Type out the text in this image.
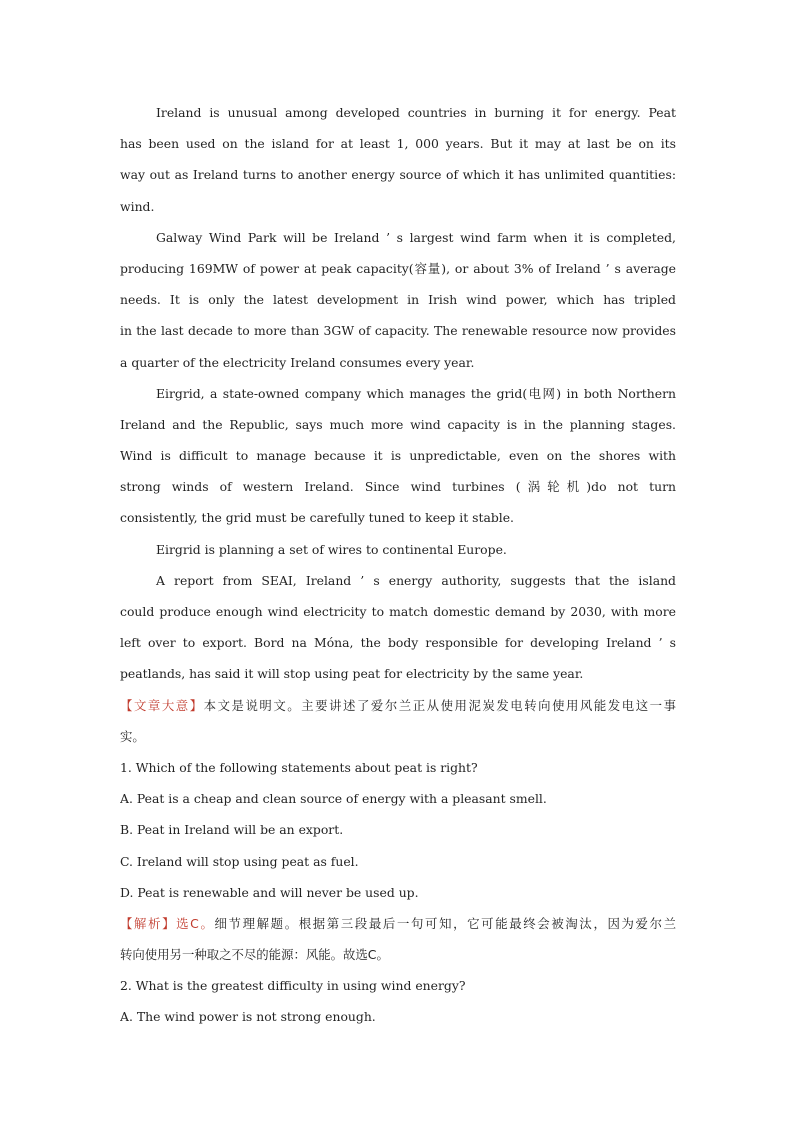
Ireland is unusual among developed countries in burning it for energy. Peat
has been used on the island for at least 1, 000 years. But it may at last be on its
way out as Ireland turns to another energy source of which it has unlimited quantities:
wind.
Galway Wind Park will be Ireland ’ s largest wind farm when it is completed,
producing 169MW of power at peak capacity(容量), or about 3% of Ireland ’ s average
needs. It is only the latest development in Irish wind power, which has tripled
in the last decade to more than 3GW of capacity. The renewable resource now provides
a quarter of the electricity Ireland consumes every year.
Eirgrid, a state-owned company which manages the grid(电网) in both Northern
Ireland and the Republic, says much more wind capacity is in the planning stages.
Wind is difficult to manage because it is unpredictable, even on the shores with
strong winds of western Ireland. Since wind turbines (涡轮机)do not turn
consistently, the grid must be carefully tuned to keep it stable.
Eirgrid is planning a set of wires to continental Europe.
A report from SEAI, Ireland ’ s energy authority, suggests that the island
could produce enough wind electricity to match domestic demand by 2030, with more
left over to export. Bord na Móna, the body responsible for developing Ireland ’ s
peatlands, has said it will stop using peat for electricity by the same year.
【文章大意】本文是说明文。主要讲述了爱尔兰正从使用泥炭发电转向使用风能发电这一事
实。
1. Which of the following statements about peat is right?
A. Peat is a cheap and clean source of energy with a pleasant smell.
B. Peat in Ireland will be an export.
C. Ireland will stop using peat as fuel.
D. Peat is renewable and will never be used up.
【解析】选C。细节理解题。根据第三段最后一句可知，它可能最终会被淘汰，因为爱尔兰
转向使用另一种取之不尽的能源：风能。故选C。
2. What is the greatest difficulty in using wind energy?
A. The wind power is not strong enough.
